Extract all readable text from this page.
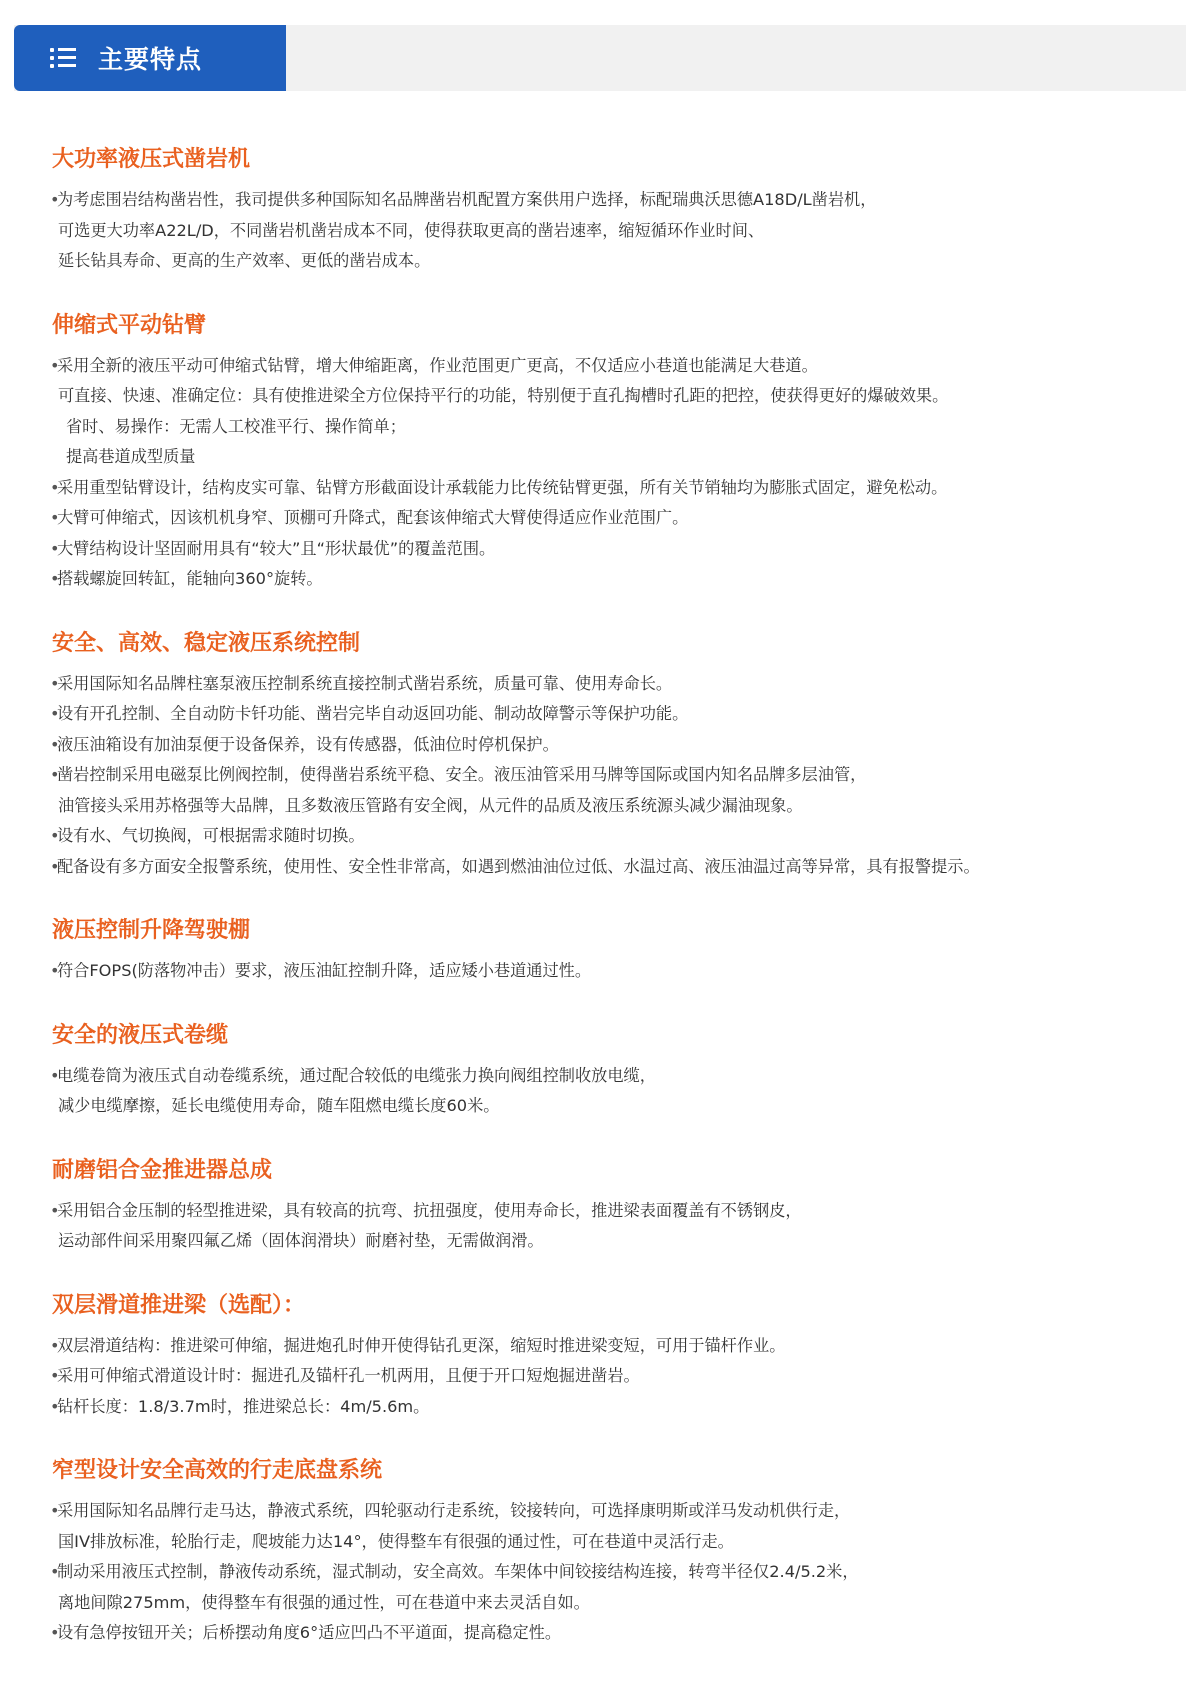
主要特点
大功率液压式凿岩机
• 为考虑围岩结构凿岩性，我司提供多种国际知名品牌凿岩机配置方案供用户选择，标配瑞典沃思德A18D/L凿岩机，
可选更大功率A22L/D，不同凿岩机凿岩成本不同，使得获取更高的凿岩速率，缩短循环作业时间、
延长钻具寿命、更高的生产效率、更低的凿岩成本。
伸缩式平动钻臂
• 采用全新的液压平动可伸缩式钻臂，增大伸缩距离，作业范围更广更高，不仅适应小巷道也能满足大巷道。
可直接、快速、准确定位：具有使推进梁全方位保持平行的功能，特别便于直孔掏槽时孔距的把控，使获得更好的爆破效果。
省时、易操作：无需人工校准平行、操作简单；
提高巷道成型质量
• 采用重型钻臂设计，结构皮实可靠、钻臂方形截面设计承载能力比传统钻臂更强，所有关节销轴均为膨胀式固定，避免松动。
• 大臂可伸缩式，因该机机身窄、顶棚可升降式，配套该伸缩式大臂使得适应作业范围广。
• 大臂结构设计坚固耐用具有“较大”且“形状最优”的覆盖范围。
• 搭载螺旋回转缸，能轴向360°旋转。
安全、高效、稳定液压系统控制
• 采用国际知名品牌柱塞泵液压控制系统直接控制式凿岩系统，质量可靠、使用寿命长。
• 设有开孔控制、全自动防卡钎功能、凿岩完毕自动返回功能、制动故障警示等保护功能。
• 液压油箱设有加油泵便于设备保养，设有传感器，低油位时停机保护。
• 凿岩控制采用电磁泵比例阀控制，使得凿岩系统平稳、安全。液压油管采用马牌等国际或国内知名品牌多层油管，
油管接头采用苏格强等大品牌，且多数液压管路有安全阀，从元件的品质及液压系统源头减少漏油现象。
• 设有水、气切换阀，可根据需求随时切换。
• 配备设有多方面安全报警系统，使用性、安全性非常高，如遇到燃油油位过低、水温过高、液压油温过高等异常，具有报警提示。
液压控制升降驾驶棚
• 符合FOPS(防落物冲击）要求，液压油缸控制升降，适应矮小巷道通过性。
安全的液压式卷缆
• 电缆卷筒为液压式自动卷缆系统，通过配合较低的电缆张力换向阀组控制收放电缆，
减少电缆摩擦，延长电缆使用寿命，随车阻燃电缆长度60米。
耐磨铝合金推进器总成
• 采用铝合金压制的轻型推进梁，具有较高的抗弯、抗扭强度，使用寿命长，推进梁表面覆盖有不锈钢皮，
运动部件间采用聚四氟乙烯（固体润滑块）耐磨衬垫，无需做润滑。
双层滑道推进梁（选配）：
• 双层滑道结构：推进梁可伸缩，掘进炮孔时伸开使得钻孔更深，缩短时推进梁变短，可用于锚杆作业。
• 采用可伸缩式滑道设计时：掘进孔及锚杆孔一机两用，且便于开口短炮掘进凿岩。
• 钻杆长度：1.8/3.7m时，推进梁总长：4m/5.6m。
窄型设计安全高效的行走底盘系统
• 采用国际知名品牌行走马达，静液式系统，四轮驱动行走系统，铰接转向，可选择康明斯或洋马发动机供行走，
国IV排放标准，轮胎行走，爬坡能力达14°，使得整车有很强的通过性，可在巷道中灵活行走。
• 制动采用液压式控制，静液传动系统，湿式制动，安全高效。车架体中间铰接结构连接，转弯半径仅2.4/5.2米，
离地间隙275mm，使得整车有很强的通过性，可在巷道中来去灵活自如。
• 设有急停按钮开关；后桥摆动角度6°适应凹凸不平道面，提高稳定性。
